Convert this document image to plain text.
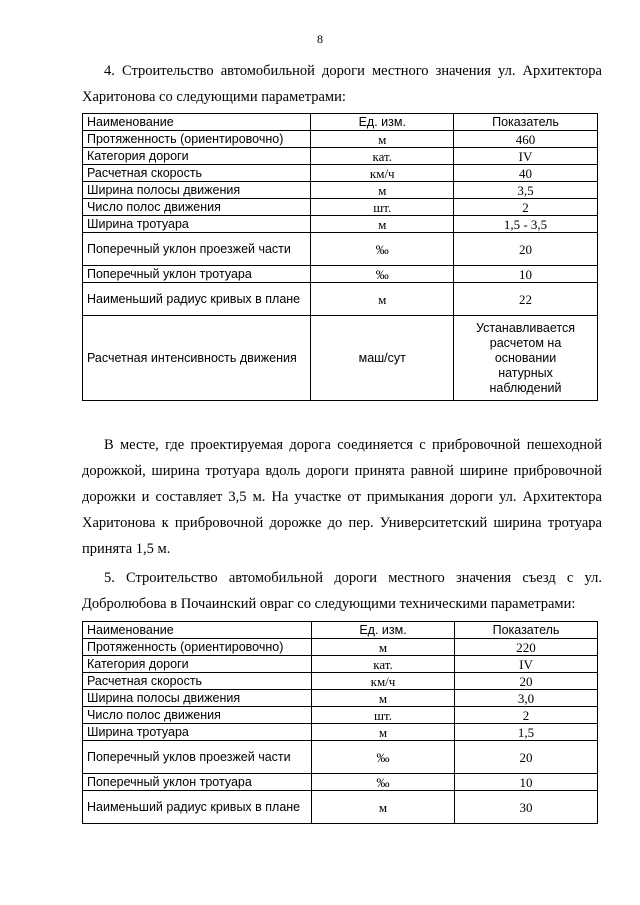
8
4. Строительство автомобильной дороги местного значения ул. Архитектора Харитонова со следующими параметрами:
Наименование	Ед. изм.	Показатель
Протяженность (ориентировочно)	м	460
Категория дороги	кат.	IV
Расчетная скорость	км/ч	40
Ширина полосы движения	м	3,5
Число полос движения	шт.	2
Ширина тротуара	м	1,5 - 3,5
Поперечный уклон проезжей части	‰	20
Поперечный уклон тротуара	‰	10
Наименьший радиус кривых в плане	м	22
Расчетная интенсивность движения	маш/сут	Устанавливается расчетом на основании натурных наблюдений
В месте, где проектируемая дорога соединяется с прибровочной пешеходной дорожкой, ширина тротуара вдоль дороги принята равной ширине прибровочной дорожки и составляет 3,5 м. На участке от примыкания дороги ул. Архитектора Харитонова к прибровочной дорожке до пер. Университетский ширина тротуара принята 1,5 м.
5. Строительство автомобильной дороги местного значения съезд с ул. Добролюбова в Почаинский овраг со следующими техническими параметрами:
Наименование	Ед. изм.	Показатель
Протяженность (ориентировочно)	м	220
Категория дороги	кат.	IV
Расчетная скорость	км/ч	20
Ширина полосы движения	м	3,0
Число полос движения	шт.	2
Ширина тротуара	м	1,5
Поперечный уклов проезжей части	‰	20
Поперечный уклон тротуара	‰	10
Наименьший радиус кривых в плане	м	30
